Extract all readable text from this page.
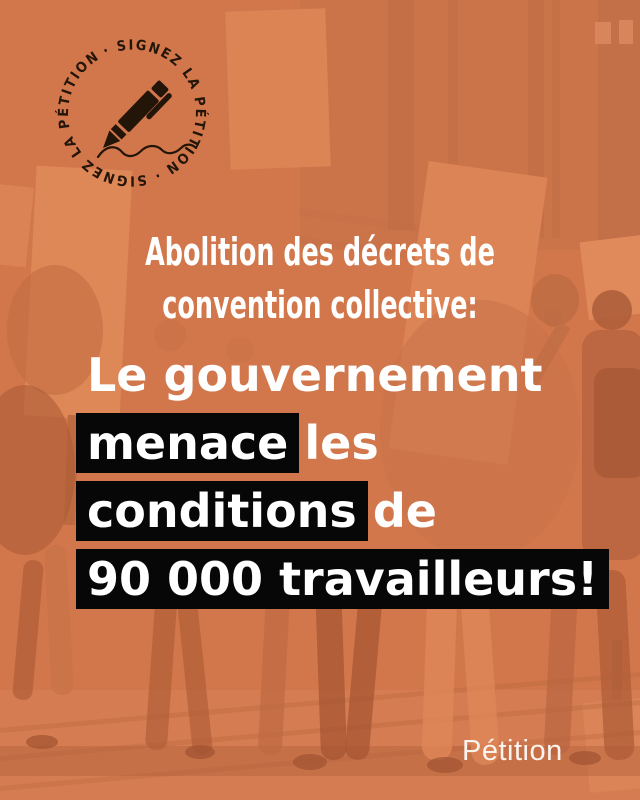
· SIGNEZ LA PÉTITION · SIGNEZ LA PÉTITION
Abolition des décrets de
convention collective:
Le gouvernement
menace les
conditions de
90 000 travailleurs!
Pétition
